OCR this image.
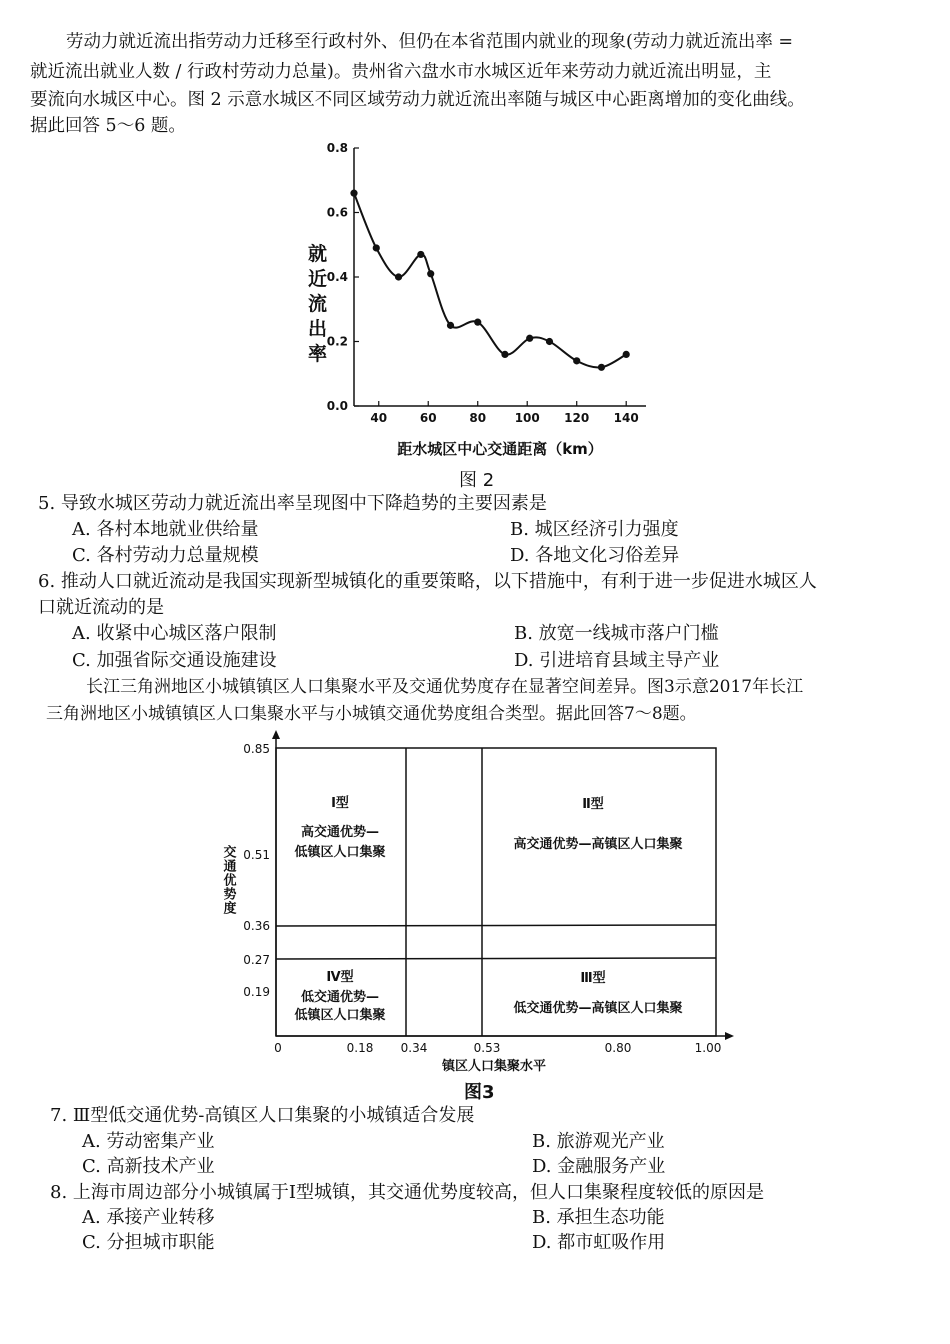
劳动力就近流出指劳动力迁移至行政村外、但仍在本省范围内就业的现象(劳动力就近流出率 =
就近流出就业人数 / 行政村劳动力总量)。贵州省六盘水市水城区近年来劳动力就近流出明显，主
要流向水城区中心。图 2 示意水城区不同区域劳动力就近流出率随与城区中心距离增加的变化曲线。
据此回答 5～6 题。
0.0
0.2
0.4
0.6
0.8
40	60	80 100 120 140
就近流出率
距水城区中心交通距离（km）
图 2
5. 导致水城区劳动力就近流出率呈现图中下降趋势的主要因素是
A. 各村本地就业供给量	B. 城区经济引力强度
C. 各村劳动力总量规模	D. 各地文化习俗差异
6. 推动人口就近流动是我国实现新型城镇化的重要策略，以下措施中，有利于进一步促进水城区人
口就近流动的是
A. 收紧中心城区落户限制	B. 放宽一线城市落户门槛
C. 加强省际交通设施建设	D. 引进培育县域主导产业
长江三角洲地区小城镇镇区人口集聚水平及交通优势度存在显著空间差异。图3示意2017年长江
三角洲地区小城镇镇区人口集聚水平与小城镇交通优势度组合类型。据此回答7～8题。
0.85
0.51
0.36
0.27
0.19
0	0.18 0.34	0.53	0.80	1.00
交通优势度
镇区人口集聚水平
Ⅰ型
高交通优势—
低镇区人口集聚
Ⅱ型
高交通优势—高镇区人口集聚
Ⅳ型
低交通优势—
低镇区人口集聚
Ⅲ型
低交通优势—高镇区人口集聚
图3
7. Ⅲ型低交通优势-高镇区人口集聚的小城镇适合发展
A. 劳动密集产业	B. 旅游观光产业
C. 高新技术产业	D. 金融服务产业
8. 上海市周边部分小城镇属于Ⅰ型城镇，其交通优势度较高，但人口集聚程度较低的原因是
A. 承接产业转移	B. 承担生态功能
C. 分担城市职能	D. 都市虹吸作用
